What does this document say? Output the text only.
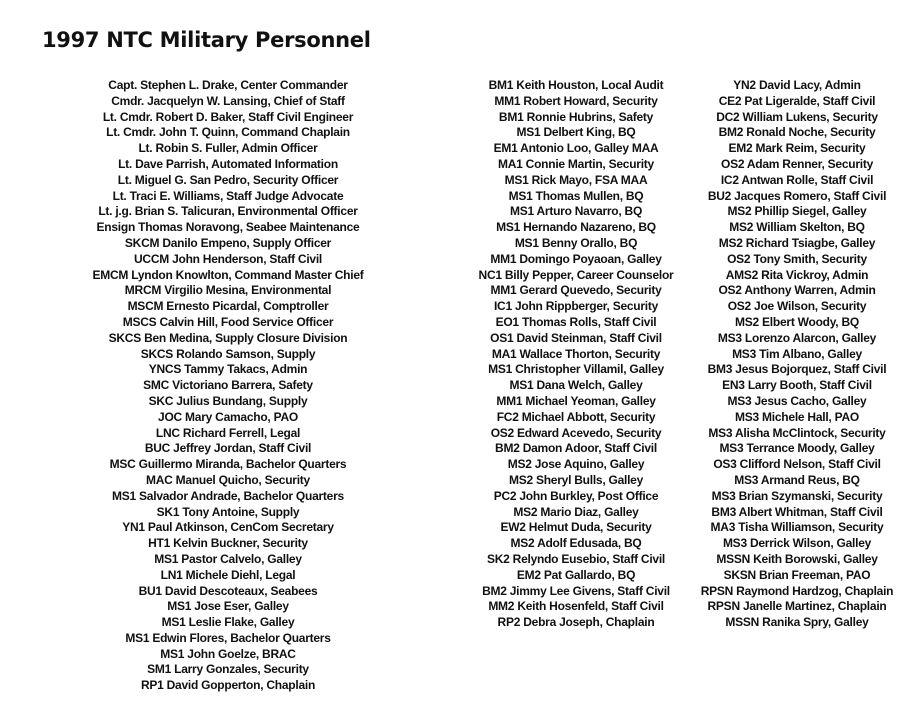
1997 NTC Military Personnel
Capt. Stephen L. Drake, Center Commander
Cmdr. Jacquelyn W. Lansing, Chief of Staff
Lt. Cmdr. Robert D. Baker, Staff Civil Engineer
Lt. Cmdr. John T. Quinn, Command Chaplain
Lt. Robin S. Fuller, Admin Officer
Lt. Dave Parrish, Automated Information
Lt. Miguel G. San Pedro, Security Officer
Lt. Traci E. Williams, Staff Judge Advocate
Lt. j.g. Brian S. Talicuran, Environmental Officer
Ensign Thomas Noravong, Seabee Maintenance
SKCM Danilo Empeno, Supply Officer
UCCM John Henderson, Staff Civil
EMCM Lyndon Knowlton, Command Master Chief
MRCM Virgilio Mesina, Environmental
MSCM Ernesto Picardal, Comptroller
MSCS Calvin Hill, Food Service Officer
SKCS Ben Medina, Supply Closure Division
SKCS Rolando Samson, Supply
YNCS Tammy Takacs, Admin
SMC Victoriano Barrera, Safety
SKC Julius Bundang, Supply
JOC Mary Camacho, PAO
LNC Richard Ferrell, Legal
BUC Jeffrey Jordan, Staff Civil
MSC Guillermo Miranda, Bachelor Quarters
MAC Manuel Quicho, Security
MS1 Salvador Andrade, Bachelor Quarters
SK1 Tony Antoine, Supply
YN1 Paul Atkinson, CenCom Secretary
HT1 Kelvin Buckner, Security
MS1 Pastor Calvelo, Galley
LN1 Michele Diehl, Legal
BU1 David Descoteaux, Seabees
MS1 Jose Eser, Galley
MS1 Leslie Flake, Galley
MS1 Edwin Flores, Bachelor Quarters
MS1 John Goelze, BRAC
SM1 Larry Gonzales, Security
RP1 David Gopperton, Chaplain
BM1 Keith Houston, Local Audit
MM1 Robert Howard, Security
BM1 Ronnie Hubrins, Safety
MS1 Delbert King, BQ
EM1 Antonio Loo, Galley MAA
MA1 Connie Martin, Security
MS1 Rick Mayo, FSA MAA
MS1 Thomas Mullen, BQ
MS1 Arturo Navarro, BQ
MS1 Hernando Nazareno, BQ
MS1 Benny Orallo, BQ
MM1 Domingo Poyaoan, Galley
NC1 Billy Pepper, Career Counselor
MM1 Gerard Quevedo, Security
IC1 John Rippberger, Security
EO1 Thomas Rolls, Staff Civil
OS1 David Steinman, Staff Civil
MA1 Wallace Thorton, Security
MS1 Christopher Villamil, Galley
MS1 Dana Welch, Galley
MM1 Michael Yeoman, Galley
FC2 Michael Abbott, Security
OS2 Edward Acevedo, Security
BM2 Damon Adoor, Staff Civil
MS2 Jose Aquino, Galley
MS2 Sheryl Bulls, Galley
PC2 John Burkley, Post Office
MS2 Mario Diaz, Galley
EW2 Helmut Duda, Security
MS2 Adolf Edusada, BQ
SK2 Relyndo Eusebio, Staff Civil
EM2 Pat Gallardo, BQ
BM2 Jimmy Lee Givens, Staff Civil
MM2 Keith Hosenfeld, Staff Civil
RP2 Debra Joseph, Chaplain
YN2 David Lacy, Admin
CE2 Pat Ligeralde, Staff Civil
DC2 William Lukens, Security
BM2 Ronald Noche, Security
EM2 Mark Reim, Security
OS2 Adam Renner, Security
IC2 Antwan Rolle, Staff Civil
BU2 Jacques Romero, Staff Civil
MS2 Phillip Siegel, Galley
MS2 William Skelton, BQ
MS2 Richard Tsiagbe, Galley
OS2 Tony Smith, Security
AMS2 Rita Vickroy, Admin
OS2 Anthony Warren, Admin
OS2 Joe Wilson, Security
MS2 Elbert Woody, BQ
MS3 Lorenzo Alarcon, Galley
MS3 Tim Albano, Galley
BM3 Jesus Bojorquez, Staff Civil
EN3 Larry Booth, Staff Civil
MS3 Jesus Cacho, Galley
MS3 Michele Hall, PAO
MS3 Alisha McClintock, Security
MS3 Terrance Moody, Galley
OS3 Clifford Nelson, Staff Civil
MS3 Armand Reus, BQ
MS3 Brian Szymanski, Security
BM3 Albert Whitman, Staff Civil
MA3 Tisha Williamson, Security
MS3 Derrick Wilson, Galley
MSSN Keith Borowski, Galley
SKSN Brian Freeman, PAO
RPSN Raymond Hardzog, Chaplain
RPSN Janelle Martinez, Chaplain
MSSN Ranika Spry, Galley
